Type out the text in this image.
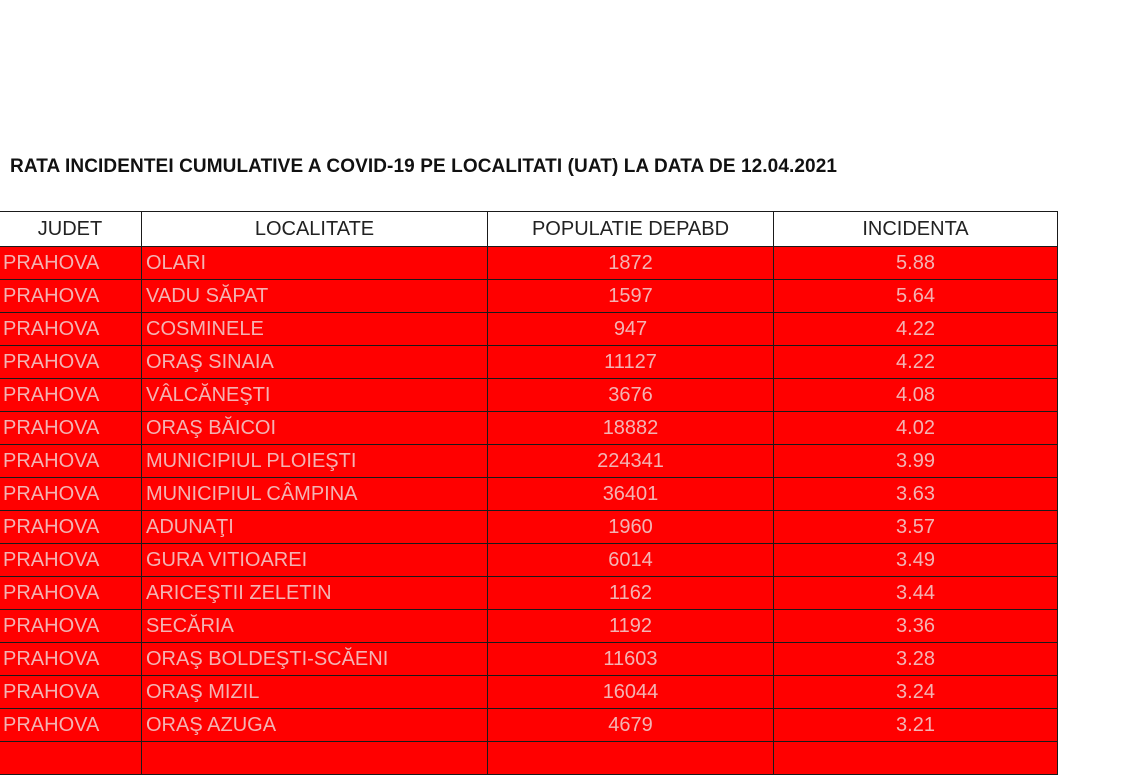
RATA INCIDENTEI CUMULATIVE A COVID-19 PE LOCALITATI (UAT) LA DATA DE 12.04.2021
JUDET	LOCALITATE	POPULATIE DEPABD	INCIDENTA
PRAHOVA	OLARI	1872	5.88
PRAHOVA	VADU SĂPAT	1597	5.64
PRAHOVA	COSMINELE	947	4.22
PRAHOVA	ORAŞ SINAIA	11127	4.22
PRAHOVA	VÂLCĂNEŞTI	3676	4.08
PRAHOVA	ORAŞ BĂICOI	18882	4.02
PRAHOVA	MUNICIPIUL PLOIEŞTI	224341	3.99
PRAHOVA	MUNICIPIUL CÂMPINA	36401	3.63
PRAHOVA	ADUNAŢI	1960	3.57
PRAHOVA	GURA VITIOAREI	6014	3.49
PRAHOVA	ARICEŞTII ZELETIN	1162	3.44
PRAHOVA	SECĂRIA	1192	3.36
PRAHOVA	ORAŞ BOLDEŞTI-SCĂENI	11603	3.28
PRAHOVA	ORAŞ MIZIL	16044	3.24
PRAHOVA	ORAŞ AZUGA	4679	3.21
